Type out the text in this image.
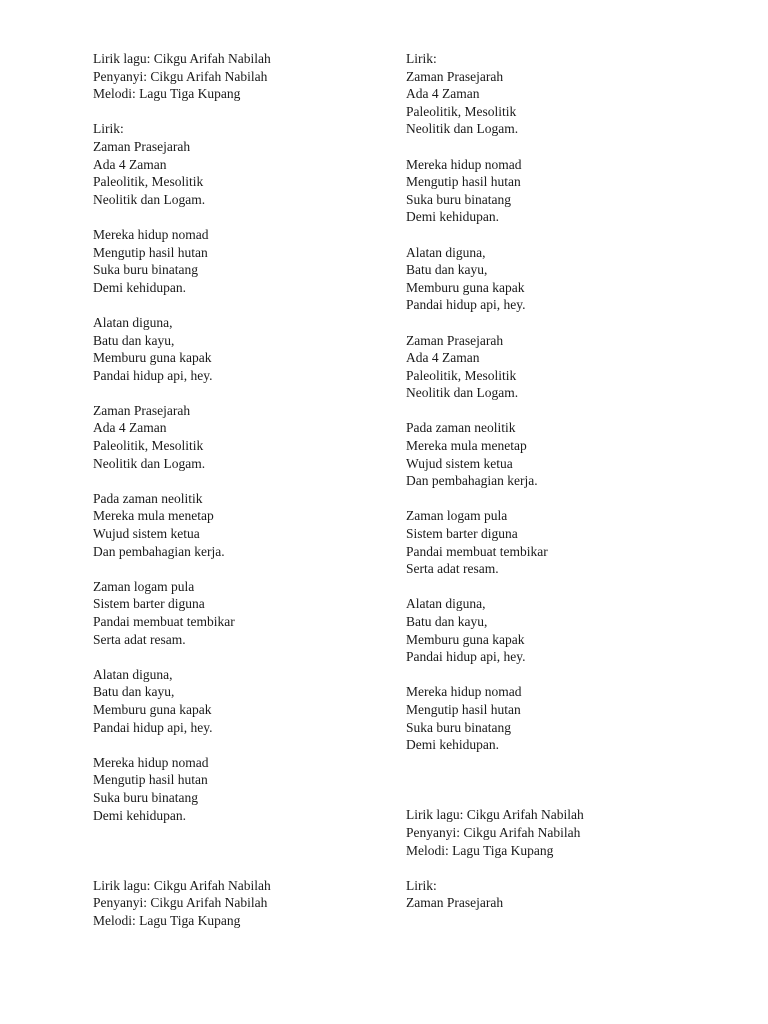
Lirik lagu: Cikgu Arifah Nabilah
Penyanyi: Cikgu Arifah Nabilah
Melodi: Lagu Tiga Kupang
Lirik:
Zaman Prasejarah
Ada 4 Zaman
Paleolitik, Mesolitik
Neolitik dan Logam.
Mereka hidup nomad
Mengutip hasil hutan
Suka buru binatang
Demi kehidupan.
Alatan diguna,
Batu dan kayu,
Memburu guna kapak
Pandai hidup api, hey.
Zaman Prasejarah
Ada 4 Zaman
Paleolitik, Mesolitik
Neolitik dan Logam.
Pada zaman neolitik
Mereka mula menetap
Wujud sistem ketua
Dan pembahagian kerja.
Zaman logam pula
Sistem barter diguna
Pandai membuat tembikar
Serta adat resam.
Alatan diguna,
Batu dan kayu,
Memburu guna kapak
Pandai hidup api, hey.
Mereka hidup nomad
Mengutip hasil hutan
Suka buru binatang
Demi kehidupan.
Lirik lagu: Cikgu Arifah Nabilah
Penyanyi: Cikgu Arifah Nabilah
Melodi: Lagu Tiga Kupang
Lirik:
Zaman Prasejarah
Ada 4 Zaman
Paleolitik, Mesolitik
Neolitik dan Logam.
Mereka hidup nomad
Mengutip hasil hutan
Suka buru binatang
Demi kehidupan.
Alatan diguna,
Batu dan kayu,
Memburu guna kapak
Pandai hidup api, hey.
Zaman Prasejarah
Ada 4 Zaman
Paleolitik, Mesolitik
Neolitik dan Logam.
Pada zaman neolitik
Mereka mula menetap
Wujud sistem ketua
Dan pembahagian kerja.
Zaman logam pula
Sistem barter diguna
Pandai membuat tembikar
Serta adat resam.
Alatan diguna,
Batu dan kayu,
Memburu guna kapak
Pandai hidup api, hey.
Mereka hidup nomad
Mengutip hasil hutan
Suka buru binatang
Demi kehidupan.
Lirik lagu: Cikgu Arifah Nabilah
Penyanyi: Cikgu Arifah Nabilah
Melodi: Lagu Tiga Kupang
Lirik:
Zaman Prasejarah
